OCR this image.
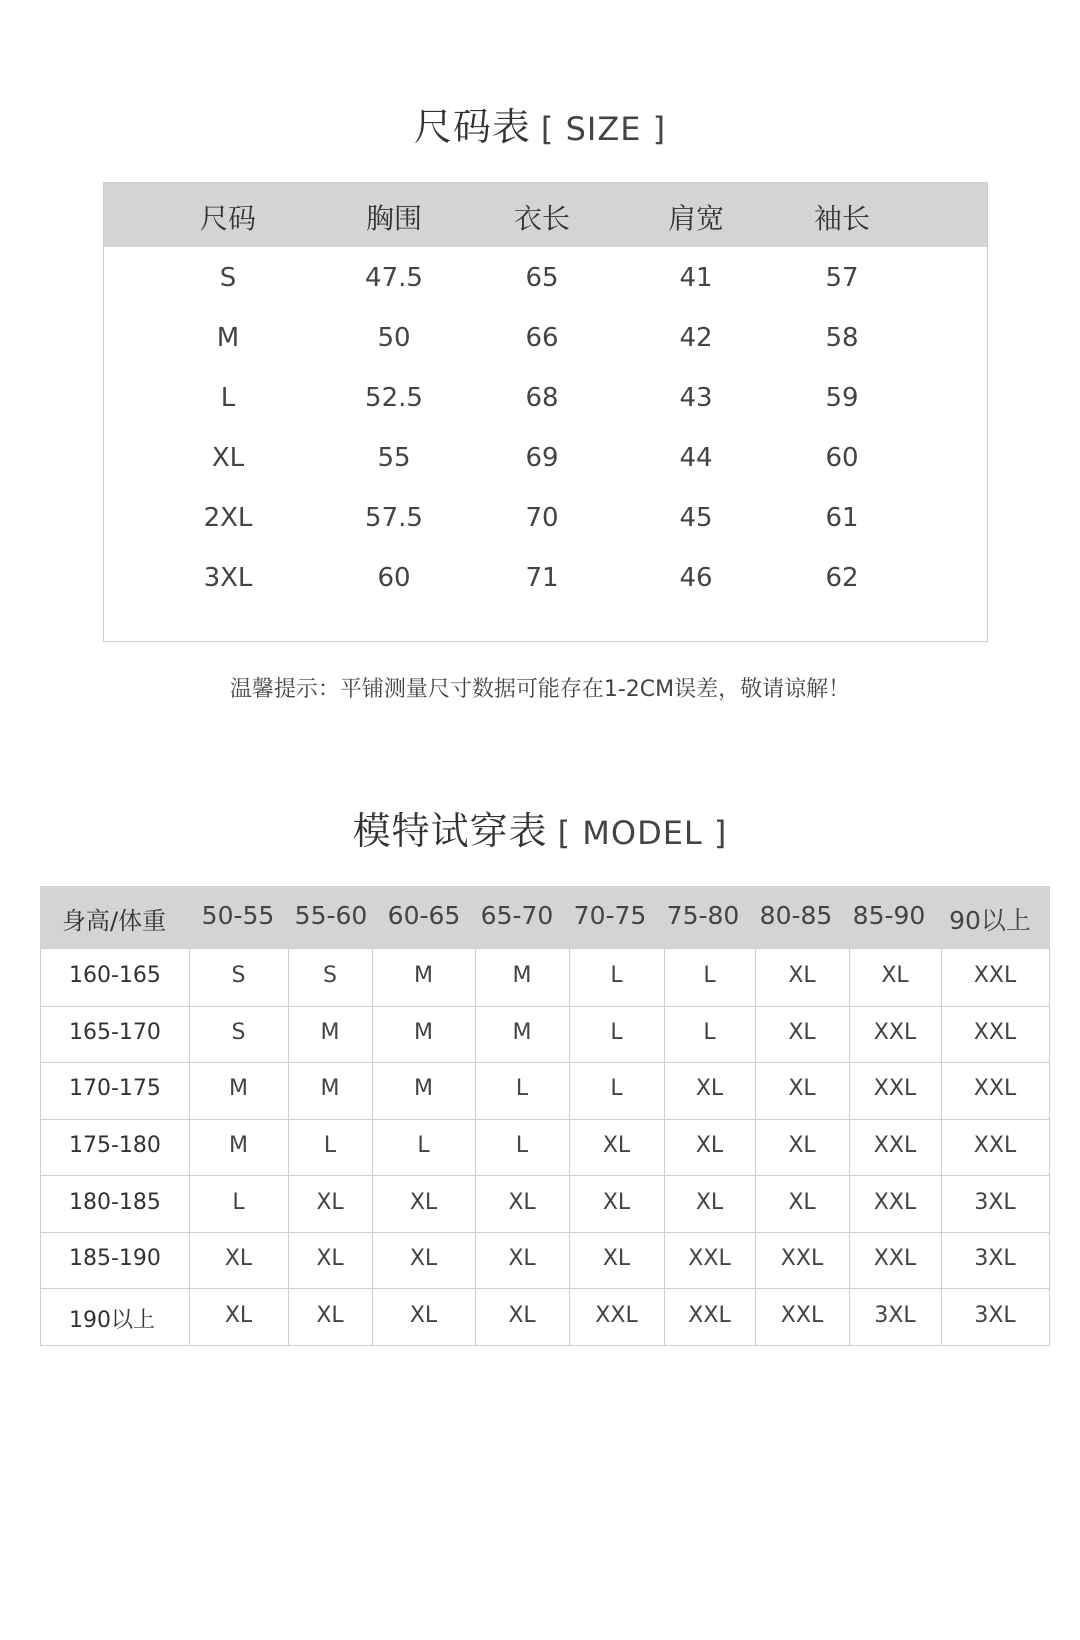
尺码表 [ SIZE ]
尺码	胸围	衣长	肩宽	袖长
S	47.5	65	41	57
M	50	66	42	58
L	52.5	68	43	59
XL	55	69	44	60
2XL	57.5	70	45	61
3XL	60	71	46	62
温馨提示：平铺测量尺寸数据可能存在1-2CM误差，敬请谅解！
模特试穿表 [ MODEL ]
身高/体重 50-55 55-60 60-65 65-70 70-75 75-80 80-85 85-90 90以上
160-165	S	S	M	M	L	L	XL	XL	XXL
165-170	S	M	M	M	L	L	XL	XXL	XXL
170-175	M	M	M	L	L	XL	XL	XXL	XXL
175-180	M	L	L	L	XL	XL	XL	XXL	XXL
180-185	L	XL	XL	XL	XL	XL	XL	XXL	3XL
185-190	XL	XL	XL	XL	XL	XXL XXL XXL	3XL
190以上	XL	XL	XL	XL	XXL XXL XXL 3XL	3XL
